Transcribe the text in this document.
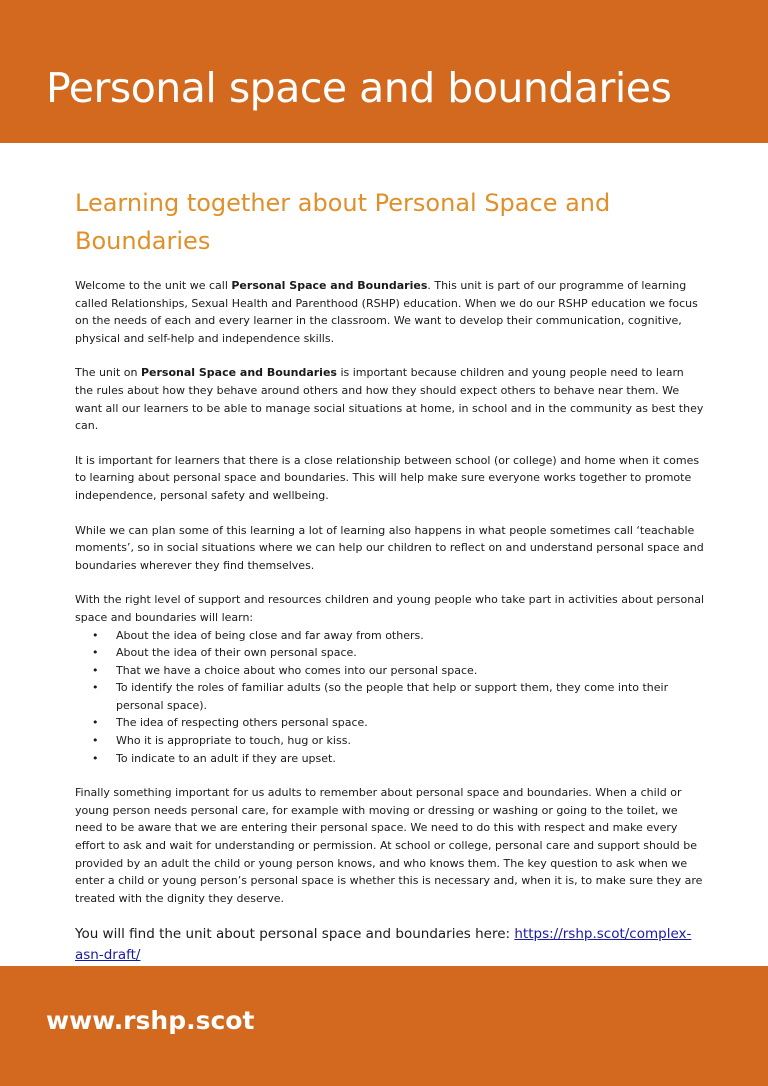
Personal space and boundaries
Learning together about Personal Space and Boundaries

Welcome to the unit we call Personal Space and Boundaries. This unit is part of our programme of learning called Relationships, Sexual Health and Parenthood (RSHP) education. When we do our RSHP education we focus on the needs of each and every learner in the classroom. We want to develop their communication, cognitive, physical and self-help and independence skills.

The unit on Personal Space and Boundaries is important because children and young people need to learn the rules about how they behave around others and how they should expect others to behave near them. We want all our learners to be able to manage social situations at home, in school and in the community as best they can.

It is important for learners that there is a close relationship between school (or college) and home when it comes to learning about personal space and boundaries. This will help make sure everyone works together to promote independence, personal safety and wellbeing.

While we can plan some of this learning a lot of learning also happens in what people sometimes call ‘teachable moments’, so in social situations where we can help our children to reflect on and understand personal space and boundaries wherever they find themselves.

With the right level of support and resources children and young people who take part in activities about personal space and boundaries will learn:

• About the idea of being close and far away from others.
• About the idea of their own personal space.
• That we have a choice about who comes into our personal space.
• To identify the roles of familiar adults (so the people that help or support them, they come into their personal space).
• The idea of respecting others personal space.
• Who it is appropriate to touch, hug or kiss.
• To indicate to an adult if they are upset.

Finally something important for us adults to remember about personal space and boundaries. When a child or young person needs personal care, for example with moving or dressing or washing or going to the toilet, we need to be aware that we are entering their personal space. We need to do this with respect and make every effort to ask and wait for understanding or permission. At school or college, personal care and support should be provided by an adult the child or young person knows, and who knows them. The key question to ask when we enter a child or young person’s personal space is whether this is necessary and, when it is, to make sure they are treated with the dignity they deserve.

You will find the unit about personal space and boundaries here: https://rshp.scot/complex-asn-draft/

www.rshp.scot
